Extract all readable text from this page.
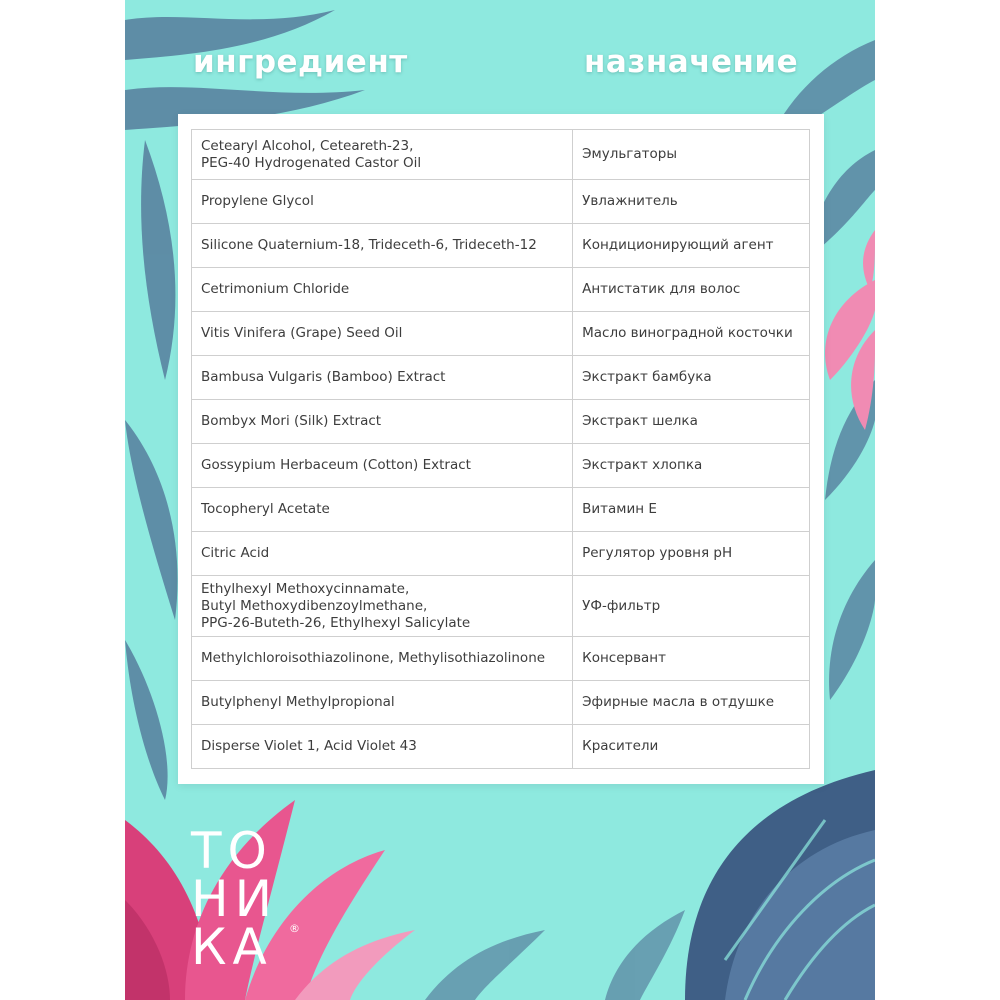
ингредиент	назначение
Cetearyl Alcohol, Ceteareth-23,
PEG-40 Hydrogenated Castor Oil	Эмульгаторы
Propylene Glycol	Увлажнитель
Silicone Quaternium-18, Trideceth-6, Trideceth-12	Кондиционирующий агент
Cetrimonium Chloride	Антистатик для волос
Vitis Vinifera (Grape) Seed Oil	Масло виноградной косточки
Bambusa Vulgaris (Bamboo) Extract	Экстракт бамбука
Bombyx Mori (Silk) Extract	Экстракт шелка
Gossypium Herbaceum (Cotton) Extract	Экстракт хлопка
Tocopheryl Acetate	Витамин Е
Citric Acid	Регулятор уровня pH
Ethylhexyl Methoxycinnamate,
Butyl Methoxydibenzoylmethane,
PPG-26-Buteth-26, Ethylhexyl Salicylate	УФ-фильтр
Methylchloroisothiazolinone, Methylisothiazolinone	Консервант
Butylphenyl Methylpropional	Эфирные масла в отдушке
Disperse Violet 1, Acid Violet 43	Красители
ТО
НИ
КА ®
